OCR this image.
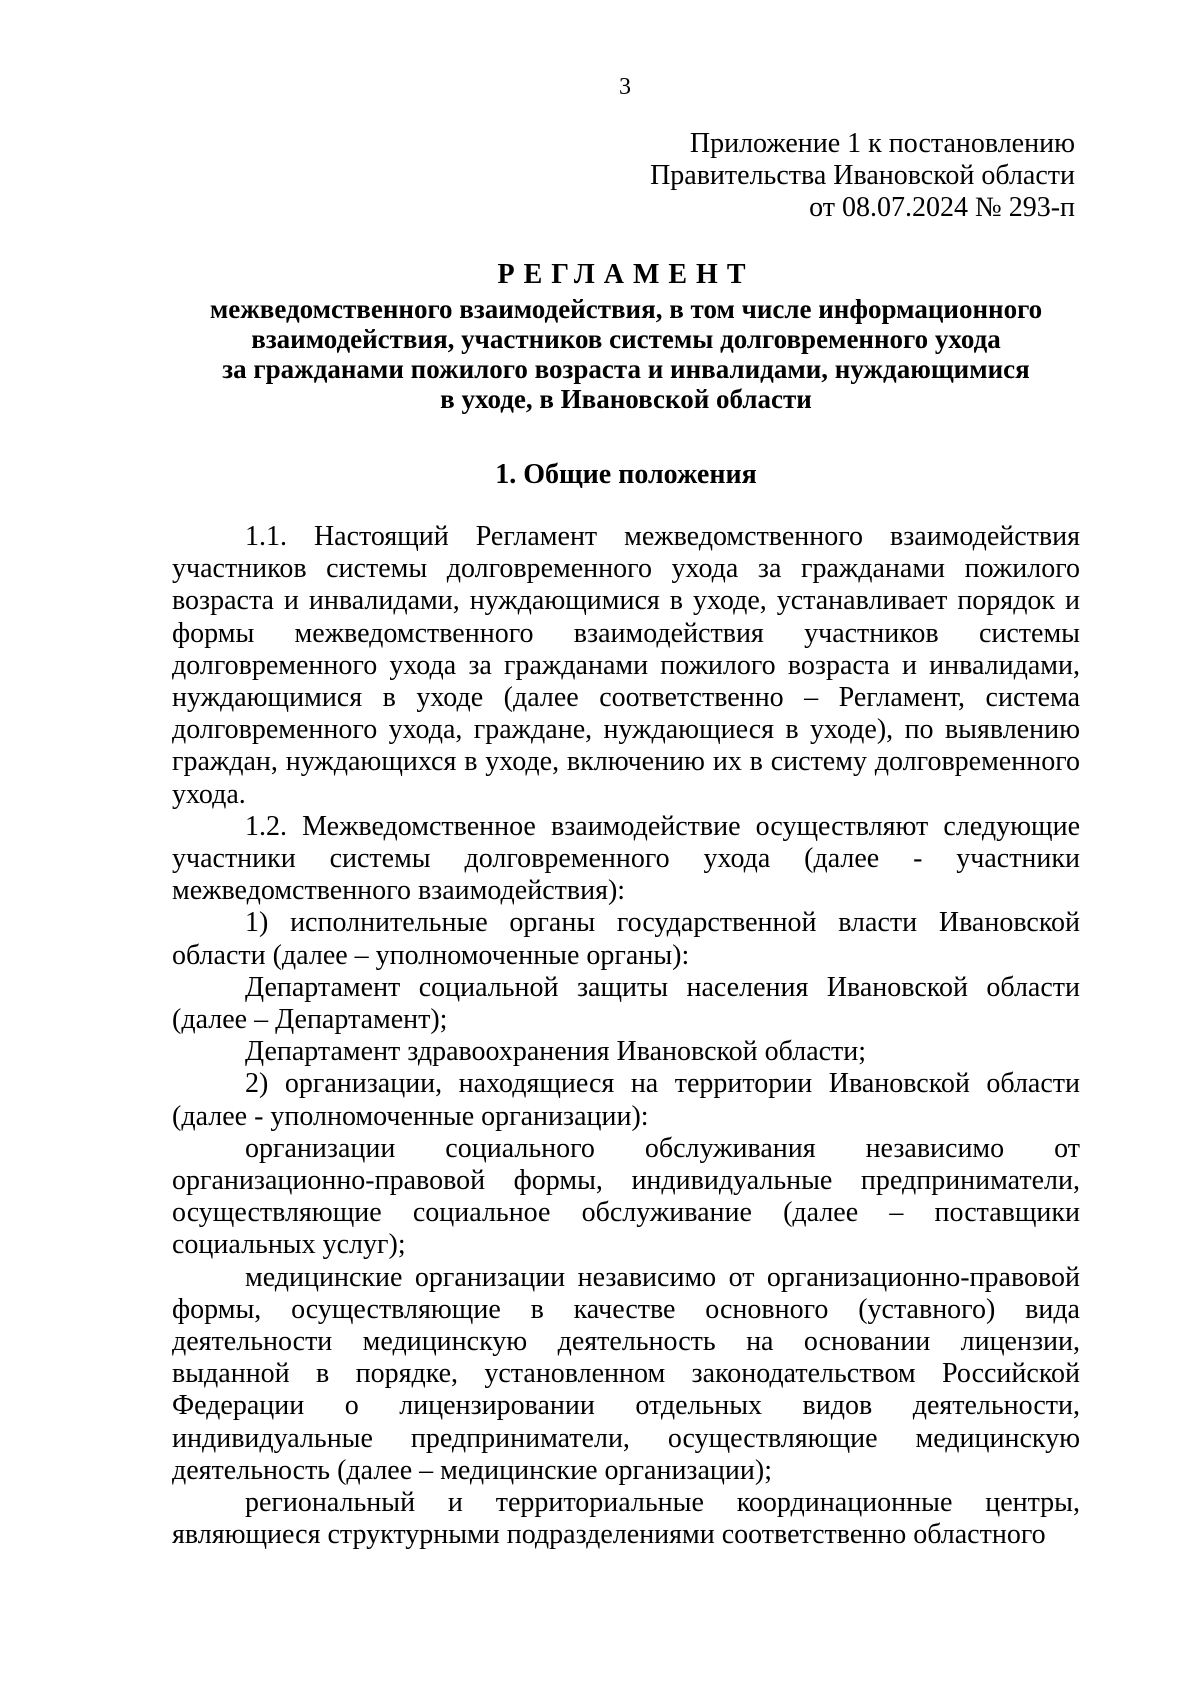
3
Приложение 1 к постановлению
Правительства Ивановской области
от 08.07.2024 № 293-п
РЕГЛАМЕНТ
межведомственного взаимодействия, в том числе информационного
взаимодействия, участников системы долговременного ухода
за гражданами пожилого возраста и инвалидами, нуждающимися
в уходе, в Ивановской области
1. Общие положения

1.1. Настоящий Регламент межведомственного взаимодействия участников системы долговременного ухода за гражданами пожилого возраста и инвалидами, нуждающимися в уходе, устанавливает порядок и формы межведомственного взаимодействия участников системы долговременного ухода за гражданами пожилого возраста и инвалидами, нуждающимися в уходе (далее соответственно – Регламент, система долговременного ухода, граждане, нуждающиеся в уходе), по выявлению граждан, нуждающихся в уходе, включению их в систему долговременного ухода.

1.2. Межведомственное взаимодействие осуществляют следующие участники системы долговременного ухода (далее - участники межведомственного взаимодействия):

1) исполнительные органы государственной власти Ивановской области (далее – уполномоченные органы):

Департамент социальной защиты населения Ивановской области (далее – Департамент);

Департамент здравоохранения Ивановской области;

2) организации, находящиеся на территории Ивановской области (далее - уполномоченные организации):

организации социального обслуживания независимо от организационно-правовой формы, индивидуальные предприниматели, осуществляющие социальное обслуживание (далее – поставщики социальных услуг);

медицинские организации независимо от организационно-правовой формы, осуществляющие в качестве основного (уставного) вида деятельности медицинскую деятельность на основании лицензии, выданной в порядке, установленном законодательством Российской Федерации о лицензировании отдельных видов деятельности, индивидуальные предприниматели, осуществляющие медицинскую деятельность (далее – медицинские организации);

региональный и территориальные координационные центры, являющиеся структурными подразделениями соответственно областного
